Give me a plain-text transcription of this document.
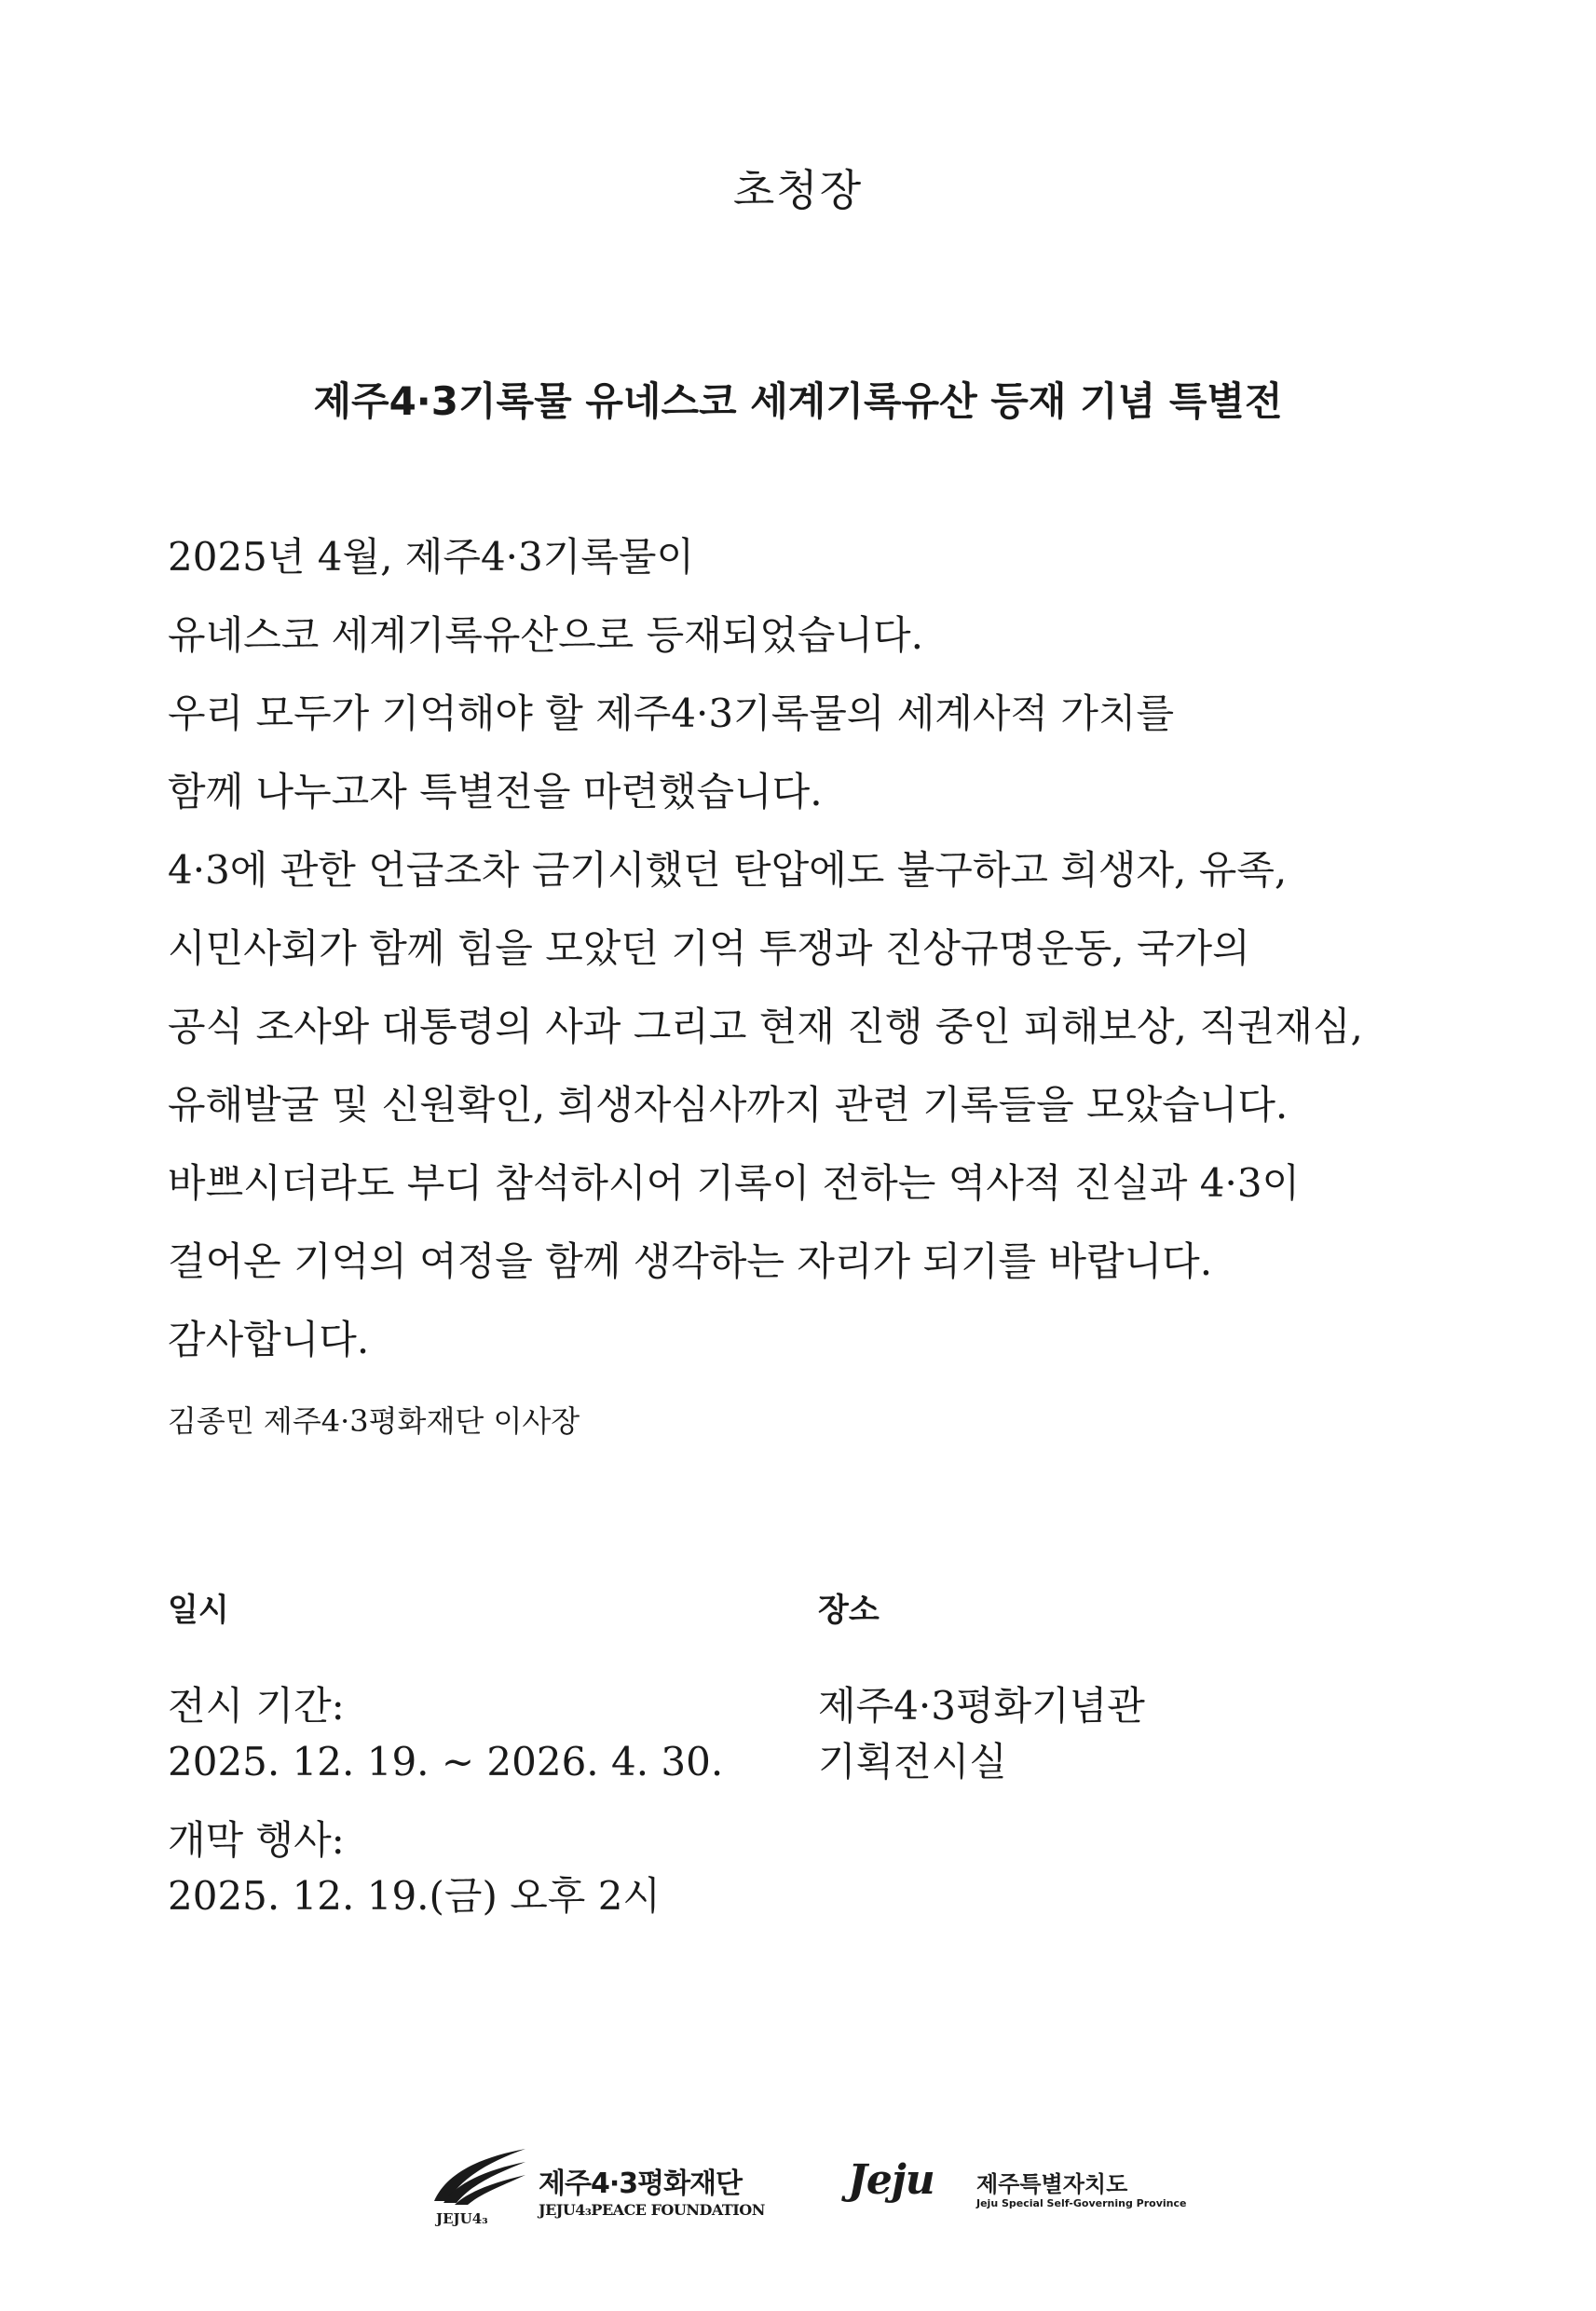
초청장
제주4·3기록물 유네스코 세계기록유산 등재 기념 특별전
2025년 4월, 제주4·3기록물이
유네스코 세계기록유산으로 등재되었습니다.
우리 모두가 기억해야 할 제주4·3기록물의 세계사적 가치를
함께 나누고자 특별전을 마련했습니다.
4·3에 관한 언급조차 금기시했던 탄압에도 불구하고 희생자, 유족,
시민사회가 함께 힘을 모았던 기억 투쟁과 진상규명운동, 국가의
공식 조사와 대통령의 사과 그리고 현재 진행 중인 피해보상, 직권재심,
유해발굴 및 신원확인, 희생자심사까지 관련 기록들을 모았습니다.
바쁘시더라도 부디 참석하시어 기록이 전하는 역사적 진실과 4·3이
걸어온 기억의 여정을 함께 생각하는 자리가 되기를 바랍니다.
감사합니다.
김종민 제주4·3평화재단 이사장
일시
전시 기간:
2025. 12. 19. ~ 2026. 4. 30.
개막 행사:
2025. 12. 19.(금) 오후 2시
장소
제주4·3평화기념관
기획전시실
JEJU4₃
제주4·3평화재단
JEJU4₃PEACE FOUNDATION
Jeju 제주특별자치도
Jeju Special Self-Governing Province
